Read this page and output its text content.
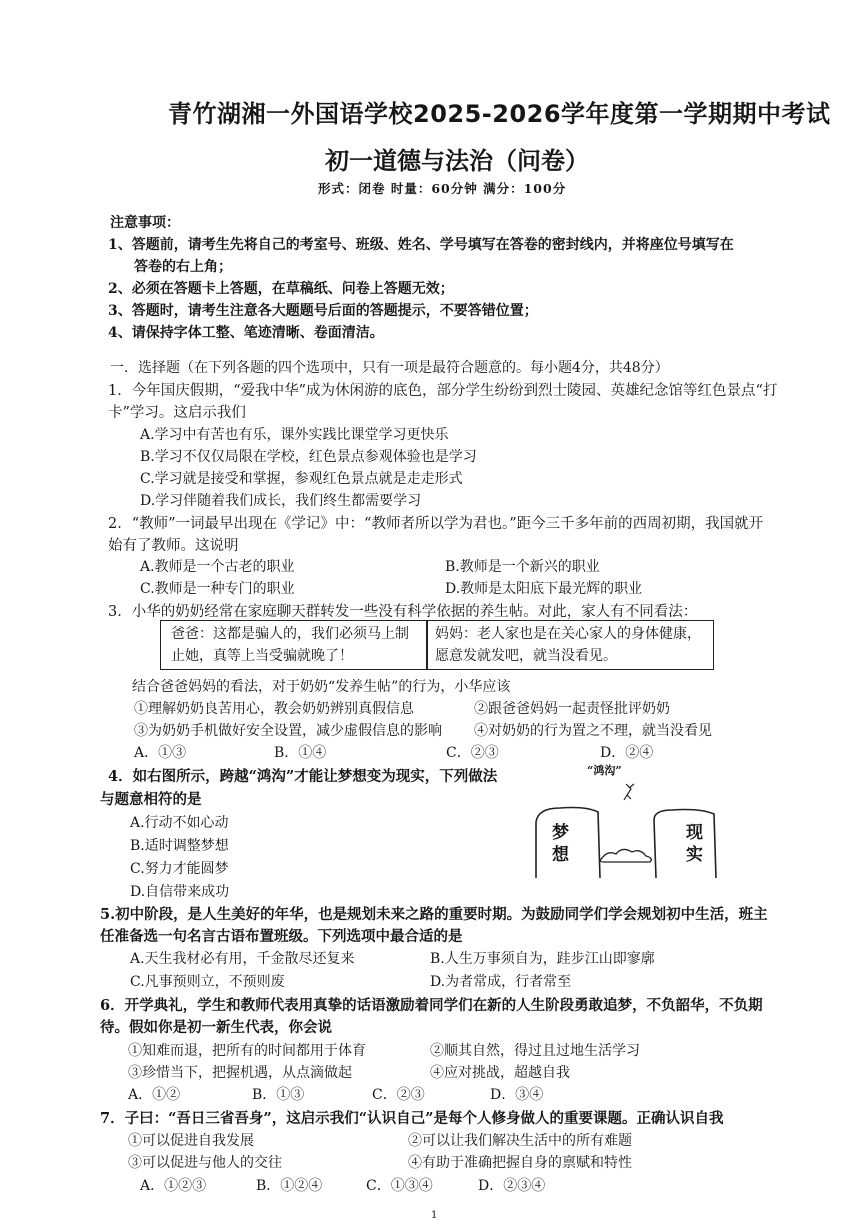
青竹湖湘一外国语学校2025-2026学年度第一学期期中考试
初一道德与法治（问卷）
形式：闭卷 时量：60分钟 满分：100分
注意事项：
1、答题前，请考生先将自己的考室号、班级、姓名、学号填写在答卷的密封线内，并将座位号填写在
答卷的右上角；
2、必须在答题卡上答题，在草稿纸、问卷上答题无效；
3、答题时，请考生注意各大题题号后面的答题提示，不要答错位置；
4、请保持字体工整、笔迹清晰、卷面清洁。
一．选择题（在下列各题的四个选项中，只有一项是最符合题意的。每小题4分，共48分）
1．今年国庆假期，“爱我中华”成为休闲游的底色，部分学生纷纷到烈士陵园、英雄纪念馆等红色景点“打
卡”学习。这启示我们
A.学习中有苦也有乐，课外实践比课堂学习更快乐
B.学习不仅仅局限在学校，红色景点参观体验也是学习
C.学习就是接受和掌握，参观红色景点就是走走形式
D.学习伴随着我们成长，我们终生都需要学习
2．“教师”一词最早出现在《学记》中：“教师者所以学为君也。”距今三千多年前的西周初期，我国就开
始有了教师。这说明
A.教师是一个古老的职业	B.教师是一个新兴的职业
C.教师是一种专门的职业	D.教师是太阳底下最光辉的职业
3．小华的奶奶经常在家庭聊天群转发一些没有科学依据的养生帖。对此，家人有不同看法：
爸爸：这都是骗人的，我们必须马上制
止她，真等上当受骗就晚了！
妈妈：老人家也是在关心家人的身体健康，
愿意发就发吧，就当没看见。
结合爸爸妈妈的看法，对于奶奶“发养生帖”的行为，小华应该
①理解奶奶良苦用心，教会奶奶辨别真假信息	②跟爸爸妈妈一起责怪批评奶奶
③为奶奶手机做好安全设置，减少虚假信息的影响 ④对奶奶的行为置之不理，就当没看见
A．①③	B．①④	C．②③	D．②④
4．如右图所示，跨越“鸿沟”才能让梦想变为现实，下列做法
与题意相符的是
A.行动不如心动
B.适时调整梦想
C.努力才能圆梦
D.自信带来成功
“鸿沟”
梦
想
现
实
5.初中阶段，是人生美好的年华，也是规划未来之路的重要时期。为鼓励同学们学会规划初中生活，班主
任准备选一句名言古语布置班级。下列选项中最合适的是
A.天生我材必有用，千金散尽还复来	B.人生万事须自为，跬步江山即寥廓
C.凡事预则立，不预则废	D.为者常成，行者常至
6．开学典礼，学生和教师代表用真挚的话语激励着同学们在新的人生阶段勇敢追梦，不负韶华，不负期
待。假如你是初一新生代表，你会说
①知难而退，把所有的时间都用于体育	②顺其自然，得过且过地生活学习
③珍惜当下，把握机遇，从点滴做起	④应对挑战，超越自我
A．①②	B．①③	C．②③	D．③④
7．子曰：“吾日三省吾身”，这启示我们“认识自己”是每个人修身做人的重要课题。正确认识自我
①可以促进自我发展	②可以让我们解决生活中的所有难题
③可以促进与他人的交往	④有助于准确把握自身的禀赋和特性
A．①②③	B．①②④	C．①③④	D．②③④
1
